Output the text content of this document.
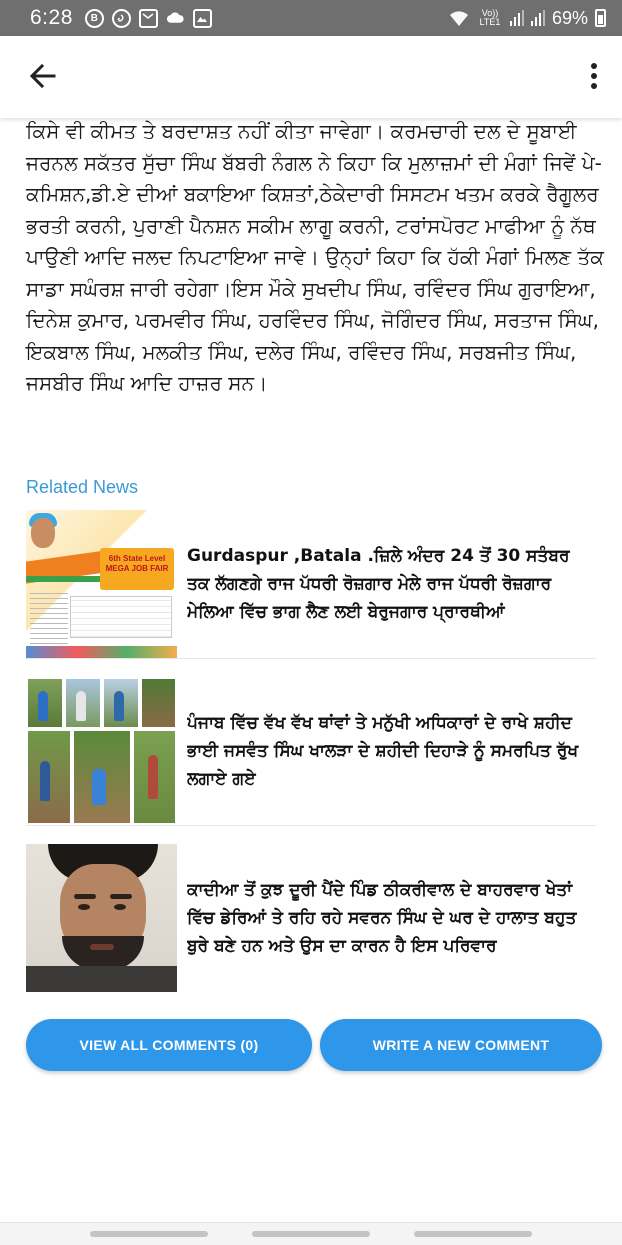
6:28	B	Vo)) LTE1	69%

ਕਿਸੇ ਵੀ ਕੀਮਤ ਤੇ ਬਰਦਾਸ਼ਤ ਨਹੀਂ ਕੀਤਾ ਜਾਵੇਗਾ। ਕਰਮਚਾਰੀ ਦਲ ਦੇ ਸੂਬਾਈ ਜਰਨਲ ਸਕੱਤਰ ਸੁੱਚਾ ਸਿੰਘ ਬੱਬਰੀ ਨੰਗਲ ਨੇ ਕਿਹਾ ਕਿ ਮੁਲਾਜ਼ਮਾਂ ਦੀ ਮੰਗਾਂ ਜਿਵੇਂ ਪੇ- ਕਮਿਸ਼ਨ,ਡੀ.ਏ ਦੀਆਂ ਬਕਾਇਆ ਕਿਸ਼ਤਾਂ,ਠੇਕੇਦਾਰੀ ਸਿਸਟਮ ਖਤਮ ਕਰਕੇ ਰੈਗੂਲਰ ਭਰਤੀ ਕਰਨੀ, ਪੁਰਾਣੀ ਪੈਨਸ਼ਨ ਸਕੀਮ ਲਾਗੂ ਕਰਨੀ, ਟਰਾਂਸਪੋਰਟ ਮਾਫੀਆ ਨੂੰ ਨੱਥ ਪਾਉਣੀ ਆਦਿ ਜਲਦ ਨਿਪਟਾਇਆ ਜਾਵੇ। ਉਨ੍ਹਾਂ ਕਿਹਾ ਕਿ ਹੱਕੀ ਮੰਗਾਂ ਮਿਲਣ ਤੱਕ ਸਾਡਾ ਸਘੰਰਸ਼ ਜਾਰੀ ਰਹੇਗਾ।ਇਸ ਮੌਕੇ ਸੁਖਦੀਪ ਸਿੰਘ, ਰਵਿੰਦਰ ਸਿੰਘ ਗੁਰਾਇਆ, ਦਿਨੇਸ਼ ਕੁਮਾਰ, ਪਰਮਵੀਰ ਸਿੰਘ, ਹਰਵਿੰਦਰ ਸਿੰਘ, ਜੋਗਿੰਦਰ ਸਿੰਘ, ਸਰਤਾਜ ਸਿੰਘ, ਇਕਬਾਲ ਸਿੰਘ, ਮਲਕੀਤ ਸਿੰਘ, ਦਲੇਰ ਸਿੰਘ, ਰਵਿੰਦਰ ਸਿੰਘ, ਸਰਬਜੀਤ ਸਿੰਘ, ਜਸਬੀਰ ਸਿੰਘ ਆਦਿ ਹਾਜ਼ਰ ਸਨ।

Related News
6th State Level MEGA JOB FAIR
Gurdaspur ,Batala .ਜ਼ਿਲੇ ਅੰਦਰ 24 ਤੋਂ 30 ਸਤੰਬਰ ਤਕ ਲੱਗਣਗੇ ਰਾਜ ਪੱਧਰੀ ਰੋਜ਼ਗਾਰ ਮੇਲੇ ਰਾਜ ਪੱਧਰੀ ਰੋਜ਼ਗਾਰ ਮੇਲਿਆ ਵਿੱਚ ਭਾਗ ਲੈਣ ਲਈ ਬੇਰੁਜਗਾਰ ਪ੍ਰਾਰਥੀਆਂ
ਪੰਜਾਬ ਵਿੱਚ ਵੱਖ ਵੱਖ ਥਾਂਵਾਂ ਤੇ ਮਨੁੱਖੀ ਅਧਿਕਾਰਾਂ ਦੇ ਰਾਖੇ ਸ਼ਹੀਦ ਭਾਈ ਜਸਵੰਤ ਸਿੰਘ ਖਾਲੜਾ ਦੇ ਸ਼ਹੀਦੀ ਦਿਹਾੜੇ ਨੂੰ ਸਮਰਪਿਤ ਰੁੱਖ ਲਗਾਏ ਗਏ
ਕਾਦੀਆ ਤੋਂ ਕੁਝ ਦੂਰੀ ਪੈਂਦੇ ਪਿੰਡ ਠੀਕਰੀਵਾਲ ਦੇ ਬਾਹਰਵਾਰ ਖੇਤਾਂ ਵਿੱਚ ਡੇਰਿਆਂ ਤੇ ਰਹਿ ਰਹੇ ਸਵਰਨ ਸਿੰਘ ਦੇ ਘਰ ਦੇ ਹਾਲਾਤ ਬਹੁਤ ਬੁਰੇ ਬਣੇ ਹਨ ਅਤੇ ਉਸ ਦਾ ਕਾਰਨ ਹੈ ਇਸ ਪਰਿਵਾਰ
VIEW ALL COMMENTS (0)	WRITE A NEW COMMENT
